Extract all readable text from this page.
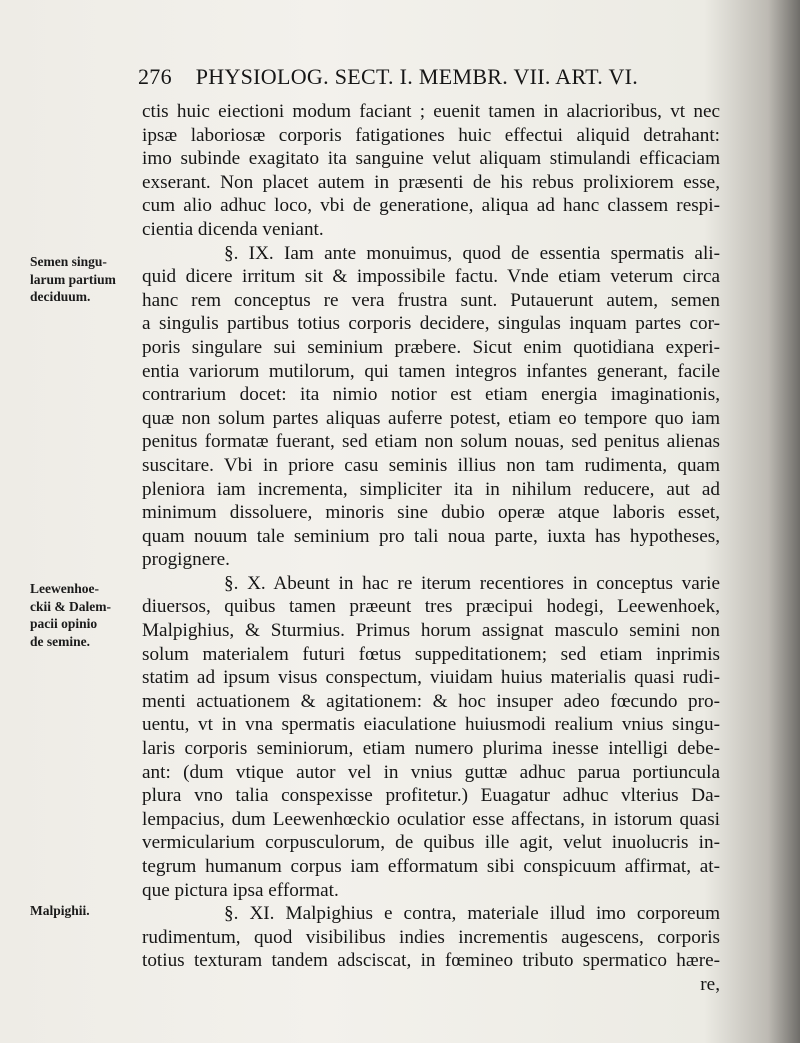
276 PHYSIOLOG. SECT. I. MEMBR. VII. ART. VI.
Semen singu-
larum partium
deciduum.
Leewenhoe-
ckii & Dalem-
pacii opinio
de semine.
Malpighii.

ctis huic eiectioni modum faciant ; euenit tamen in alacrioribus, vt nec
ipsæ laboriosæ corporis fatigationes huic effectui aliquid detrahant:
imo subinde exagitato ita sanguine velut aliquam stimulandi efficaciam
exserant. Non placet autem in præsenti de his rebus prolixiorem esse,
cum alio adhuc loco, vbi de generatione, aliqua ad hanc classem respi-
cientia dicenda veniant.
§. IX. Iam ante monuimus, quod de essentia spermatis ali-
quid dicere irritum sit & impossibile factu. Vnde etiam veterum circa
hanc rem conceptus re vera frustra sunt. Putauerunt autem, semen
a singulis partibus totius corporis decidere, singulas inquam partes cor-
poris singulare sui seminium præbere. Sicut enim quotidiana experi-
entia variorum mutilorum, qui tamen integros infantes generant, facile
contrarium docet: ita nimio notior est etiam energia imaginationis,
quæ non solum partes aliquas auferre potest, etiam eo tempore quo iam
penitus formatæ fuerant, sed etiam non solum nouas, sed penitus alienas
suscitare. Vbi in priore casu seminis illius non tam rudimenta, quam
pleniora iam incrementa, simpliciter ita in nihilum reducere, aut ad
minimum dissoluere, minoris sine dubio operæ atque laboris esset,
quam nouum tale seminium pro tali noua parte, iuxta has hypotheses,
progignere.
§. X. Abeunt in hac re iterum recentiores in conceptus varie
diuersos, quibus tamen præeunt tres præcipui hodegi, Leewenhoek,
Malpighius, & Sturmius. Primus horum assignat masculo semini non
solum materialem futuri fœtus suppeditationem; sed etiam inprimis
statim ad ipsum visus conspectum, viuidam huius materialis quasi rudi-
menti actuationem & agitationem: & hoc insuper adeo fœcundo pro-
uentu, vt in vna spermatis eiaculatione huiusmodi realium vnius singu-
laris corporis seminiorum, etiam numero plurima inesse intelligi debe-
ant: (dum vtique autor vel in vnius guttæ adhuc parua portiuncula
plura vno talia conspexisse profitetur.) Euagatur adhuc vlterius Da-
lempacius, dum Leewenhœckio oculatior esse affectans, in istorum quasi
vermicularium corpusculorum, de quibus ille agit, velut inuolucris in-
tegrum humanum corpus iam efformatum sibi conspicuum affirmat, at-
que pictura ipsa efformat.
§. XI. Malpighius e contra, materiale illud imo corporeum
rudimentum, quod visibilibus indies incrementis augescens, corporis
totius texturam tandem adsciscat, in fœmineo tributo spermatico hære-
re,
